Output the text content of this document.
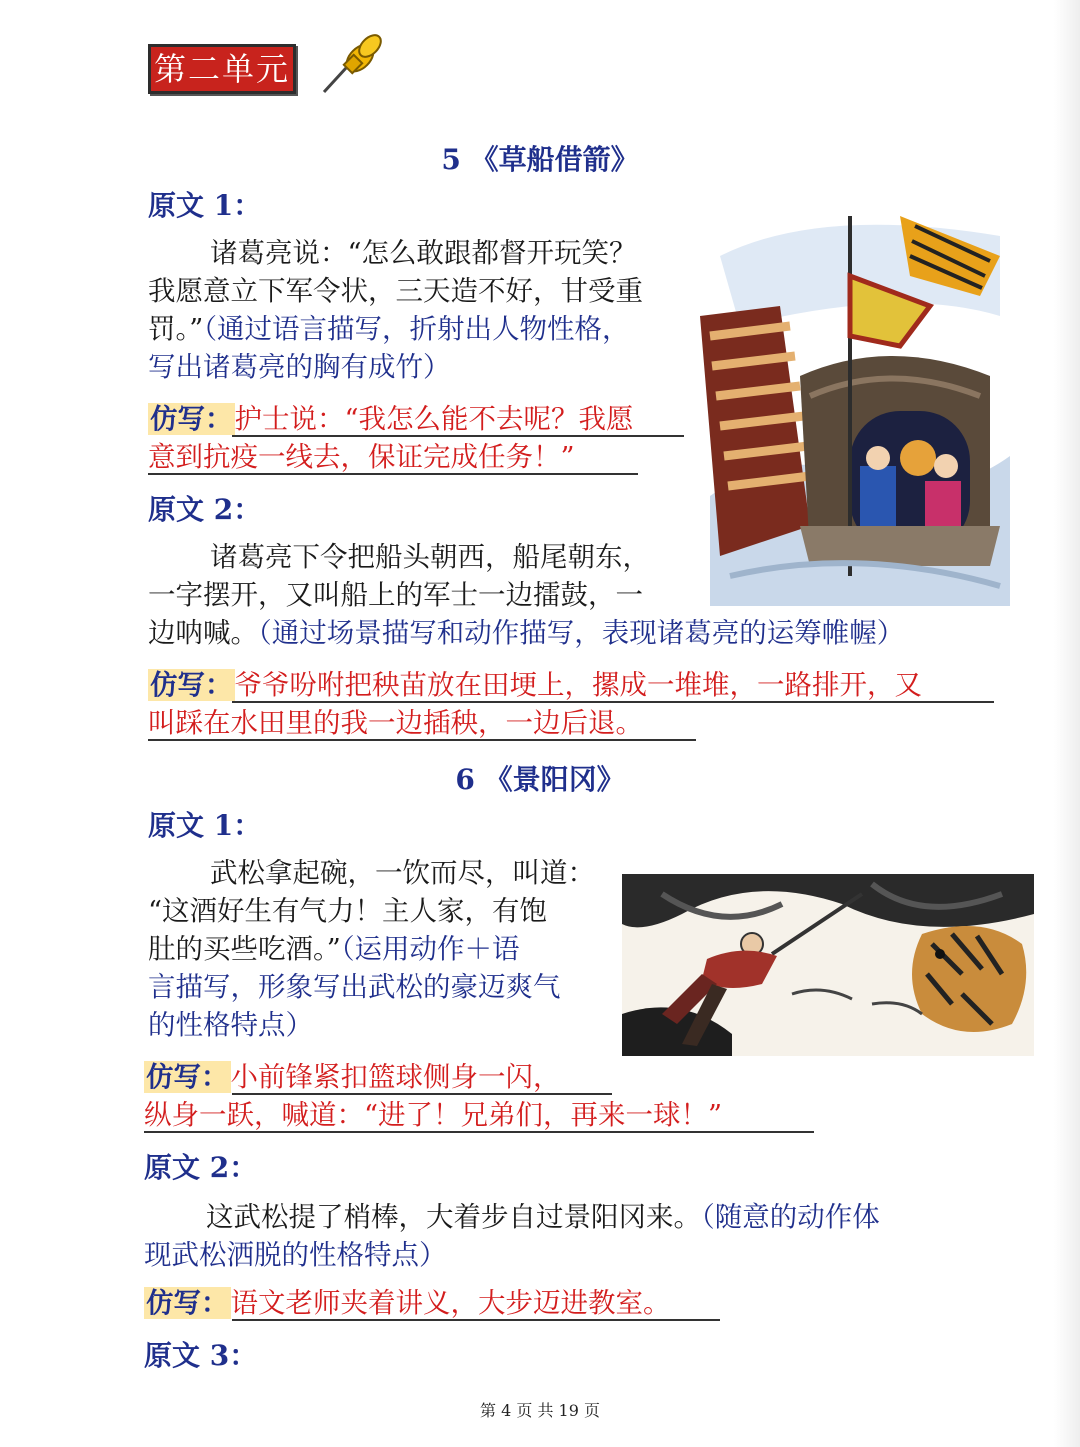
第二单元
5 《草船借箭》
原文 1：
诸葛亮说：“怎么敢跟都督开玩笑？
我愿意立下军令状，三天造不好，甘受重
罚。”（通过语言描写，折射出人物性格，
写出诸葛亮的胸有成竹）
仿写：护士说：“我怎么能不去呢？我愿
意到抗疫一线去，保证完成任务！”
原文 2：
诸葛亮下令把船头朝西，船尾朝东，
一字摆开，又叫船上的军士一边擂鼓，一
边呐喊。（通过场景描写和动作描写，表现诸葛亮的运筹帷幄）
仿写：爷爷吩咐把秧苗放在田埂上，摞成一堆堆，一路排开，又
叫踩在水田里的我一边插秧，一边后退。
6 《景阳冈》
原文 1：
武松拿起碗，一饮而尽，叫道：
“这酒好生有气力！主人家，有饱
肚的买些吃酒。”（运用动作＋语
言描写，形象写出武松的豪迈爽气
的性格特点）
仿写：小前锋紧扣篮球侧身一闪，
纵身一跃，喊道：“进了！兄弟们，再来一球！”
原文 2：
这武松提了梢棒，大着步自过景阳冈来。（随意的动作体
现武松洒脱的性格特点）
仿写：语文老师夹着讲义，大步迈进教室。
原文 3：
第 4 页 共 19 页
